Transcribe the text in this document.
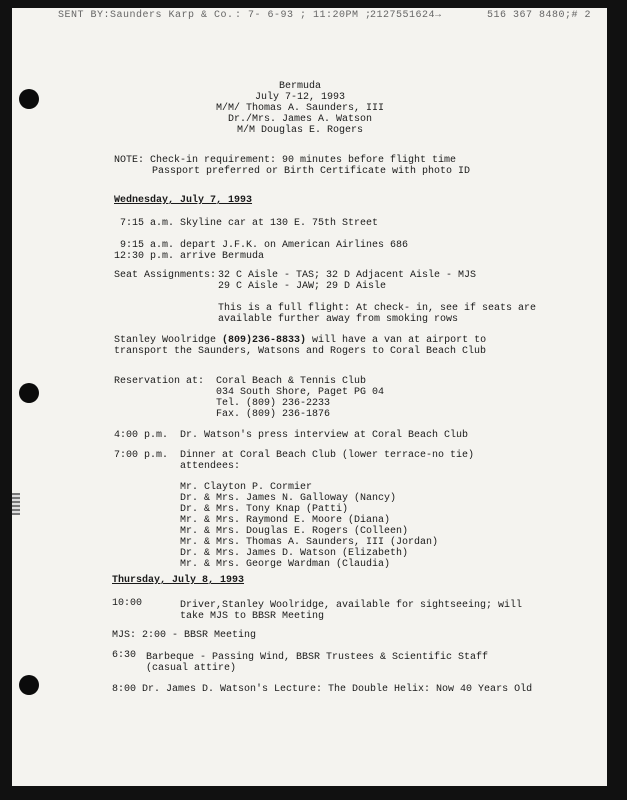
SENT BY:Saunders Karp & Co. : 7- 6-93 ; 11:20PM ;
2127551624→	516 367 8480;# 2
Bermuda
July 7-12, 1993
M/M/ Thomas A. Saunders, III
Dr./Mrs. James A. Watson
M/M Douglas E. Rogers
NOTE: Check-in requirement: 90 minutes before flight time
Passport preferred or Birth Certificate with photo ID
Wednesday, July 7, 1993
7:15 a.m. Skyline car at 130 E. 75th Street
9:15 a.m. depart J.F.K. on American Airlines 686
12:30 p.m. arrive Bermuda
Seat Assignments: 32 C Aisle - TAS; 32 D Adjacent Aisle - MJS
29 C Aisle - JAW; 29 D Aisle
This is a full flight: At check- in, see if seats are
available further away from smoking rows
Stanley Woolridge (809)236-8833) will have a van at airport to
transport the Saunders, Watsons and Rogers to Coral Beach Club
Reservation at: Coral Beach & Tennis Club
034 South Shore, Paget PG 04
Tel. (809) 236-2233
Fax. (809) 236-1876
4:00 p.m. Dr. Watson's press interview at Coral Beach Club
7:00 p.m. Dinner at Coral Beach Club (lower terrace-no tie)
attendees:
Mr. Clayton P. Cormier
Dr. & Mrs. James N. Galloway (Nancy)
Dr. & Mrs. Tony Knap (Patti)
Mr. & Mrs. Raymond E. Moore (Diana)
Mr. & Mrs. Douglas E. Rogers (Colleen)
Mr. & Mrs. Thomas A. Saunders, III (Jordan)
Dr. & Mrs. James D. Watson (Elizabeth)
Mr. & Mrs. George Wardman (Claudia)
Thursday, July 8, 1993
10:00	Driver,Stanley Woolridge, available for sightseeing; will
take MJS to BBSR Meeting
MJS: 2:00 - BBSR Meeting
6:30 Barbeque - Passing Wind, BBSR Trustees & Scientific Staff
(casual attire)
8:00 Dr. James D. Watson's Lecture: The Double Helix: Now 40 Years Old
